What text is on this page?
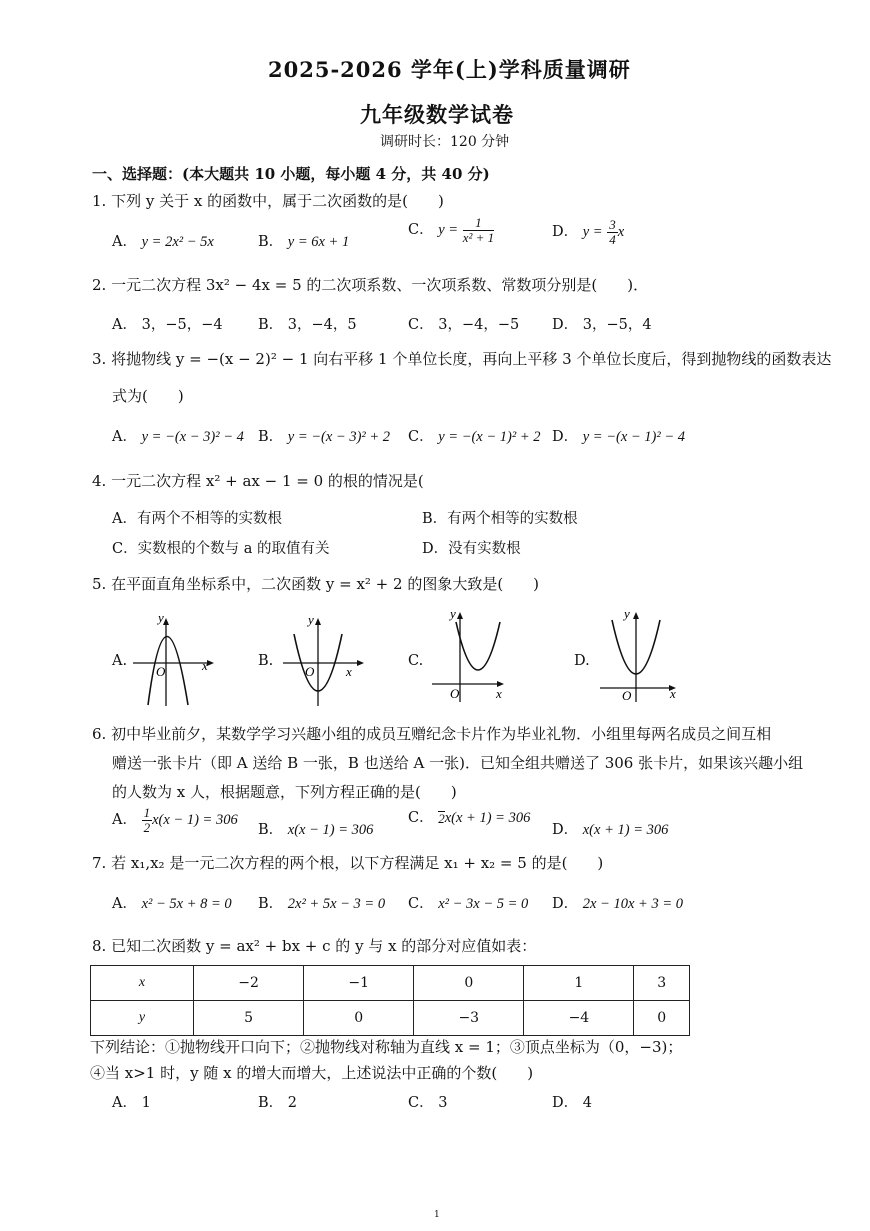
2025-2026 学年(上)学科质量调研
九年级数学试卷
调研时长：120 分钟
一、选择题：(本大题共 10 小题，每小题 4 分，共 40 分)
1. 下列 y 关于 x 的函数中，属于二次函数的是(　　)
A． y = 2x² − 5x	B． y = 6x + 1
C． $y = \frac{1}{\text{x² + 1}}$	D． $y = \frac{3}{4}$ x
2. 一元二次方程 3x² − 4x = 5 的二次项系数、一次项系数、常数项分别是(　　)．
A． 3，−5，−4 B． 3，−4，5	C． 3，−4，−5 D． 3，−5，4
3. 将抛物线 y = −(x − 2)² − 1 向右平移 1 个单位长度，再向上平移 3 个单位长度后，得到抛物线的函数表达
式为(　　)
A． y = −(x − 3)² − 4 B． y = −(x − 3)² + 2 C． y = −(x − 1)² + 2 D． y = −(x − 1)² − 4
4. 一元二次方程 x² + ax − 1 = 0 的根的情况是(
A．有两个不相等的实数根	B．有两个相等的实数根
C．实数根的个数与 a 的取值有关	D．没有实数根
5. 在平面直角坐标系中，二次函数 y = x² + 2 的图象大致是(　　)
A.
y
x
O
B.
y
x
O
C.
y
x
O
D.
y
x
O
6. 初中毕业前夕，某数学学习兴趣小组的成员互赠纪念卡片作为毕业礼物．小组里每两名成员之间互相
赠送一张卡片（即 A 送给 B 一张，B 也送给 A 一张)．已知全组共赠送了 306 张卡片，如果该兴趣小组
的人数为 x 人，根据题意，下列方程正确的是(　　)
A． $\frac{1}{2} x(x - 1) = 306$
B． x(x − 1) = 306
C． 2 x(x + 1) = 306
D． x(x + 1) = 306
7. 若 x₁,x₂ 是一元二次方程的两个根，以下方程满足 x₁ + x₂ = 5 的是(　　)
A． x² − 5x + 8 = 0 B． 2x² + 5x − 3 = 0 C． x² − 3x − 5 = 0 D． 2x − 10x + 3 = 0
8. 已知二次函数 y = ax² + bx + c 的 y 与 x 的部分对应值如表：
x	−2	−1	0	1	3
y	5	0	−3	−4	0
下列结论：①抛物线开口向下；②抛物线对称轴为直线 x = 1；③顶点坐标为（0，−3)；
④当 x>1 时，y 随 x 的增大而增大，上述说法中正确的个数(　　)
A． 1	B． 2	C． 3	D． 4
1
